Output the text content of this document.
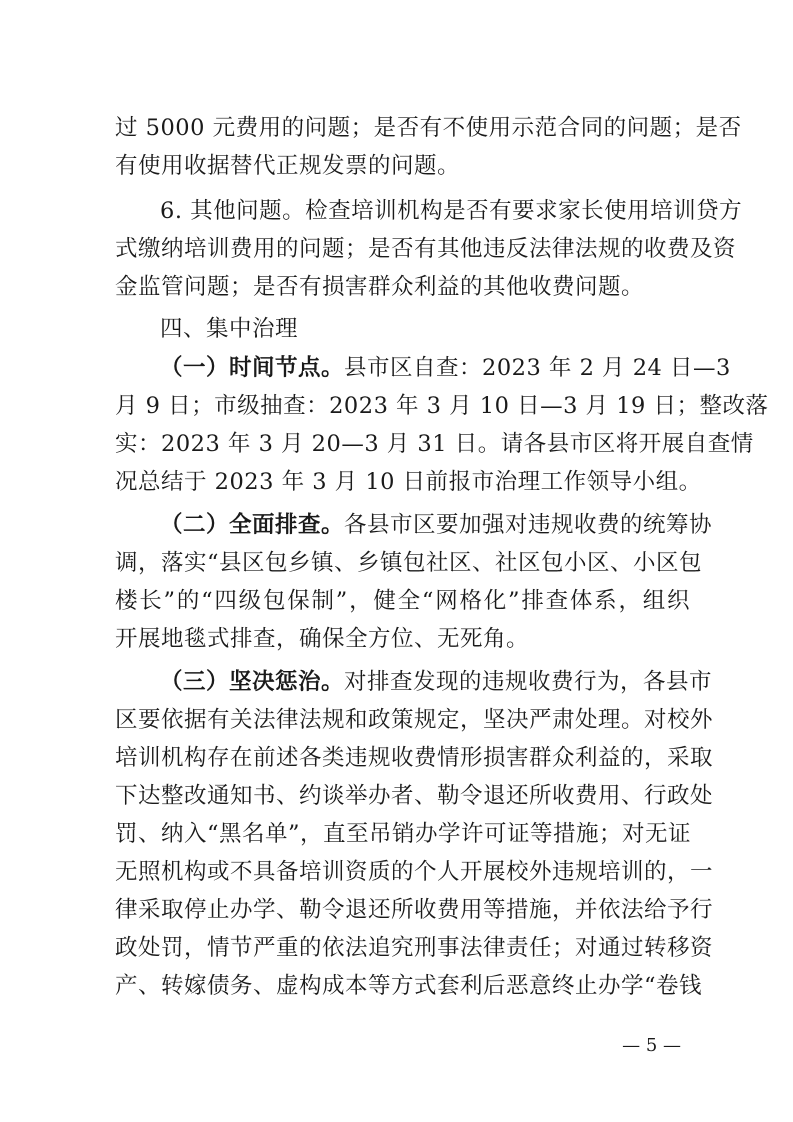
过 5000 元费用的问题；是否有不使用示范合同的问题；是否
有使用收据替代正规发票的问题。
6. 其他问题。检查培训机构是否有要求家长使用培训贷方
式缴纳培训费用的问题；是否有其他违反法律法规的收费及资
金监管问题；是否有损害群众利益的其他收费问题。
四、集中治理
（一）时间节点。县市区自查：2023 年 2 月 24 日—3
月 9 日；市级抽查：2023 年 3 月 10 日—3 月 19 日；整改落
实：2023 年 3 月 20—3 月 31 日。请各县市区将开展自查情
况总结于 2023 年 3 月 10 日前报市治理工作领导小组。
（二）全面排查。各县市区要加强对违规收费的统筹协
调，落实“县区包乡镇、乡镇包社区、社区包小区、小区包
楼长”的“四级包保制”，健全“网格化”排查体系，组织
开展地毯式排查，确保全方位、无死角。
（三）坚决惩治。对排查发现的违规收费行为，各县市
区要依据有关法律法规和政策规定，坚决严肃处理。对校外
培训机构存在前述各类违规收费情形损害群众利益的，采取
下达整改通知书、约谈举办者、勒令退还所收费用、行政处
罚、纳入“黑名单”，直至吊销办学许可证等措施；对无证
无照机构或不具备培训资质的个人开展校外违规培训的，一
律采取停止办学、勒令退还所收费用等措施，并依法给予行
政处罚，情节严重的依法追究刑事法律责任；对通过转移资
产、转嫁债务、虚构成本等方式套利后恶意终止办学“卷钱
— 5 —
